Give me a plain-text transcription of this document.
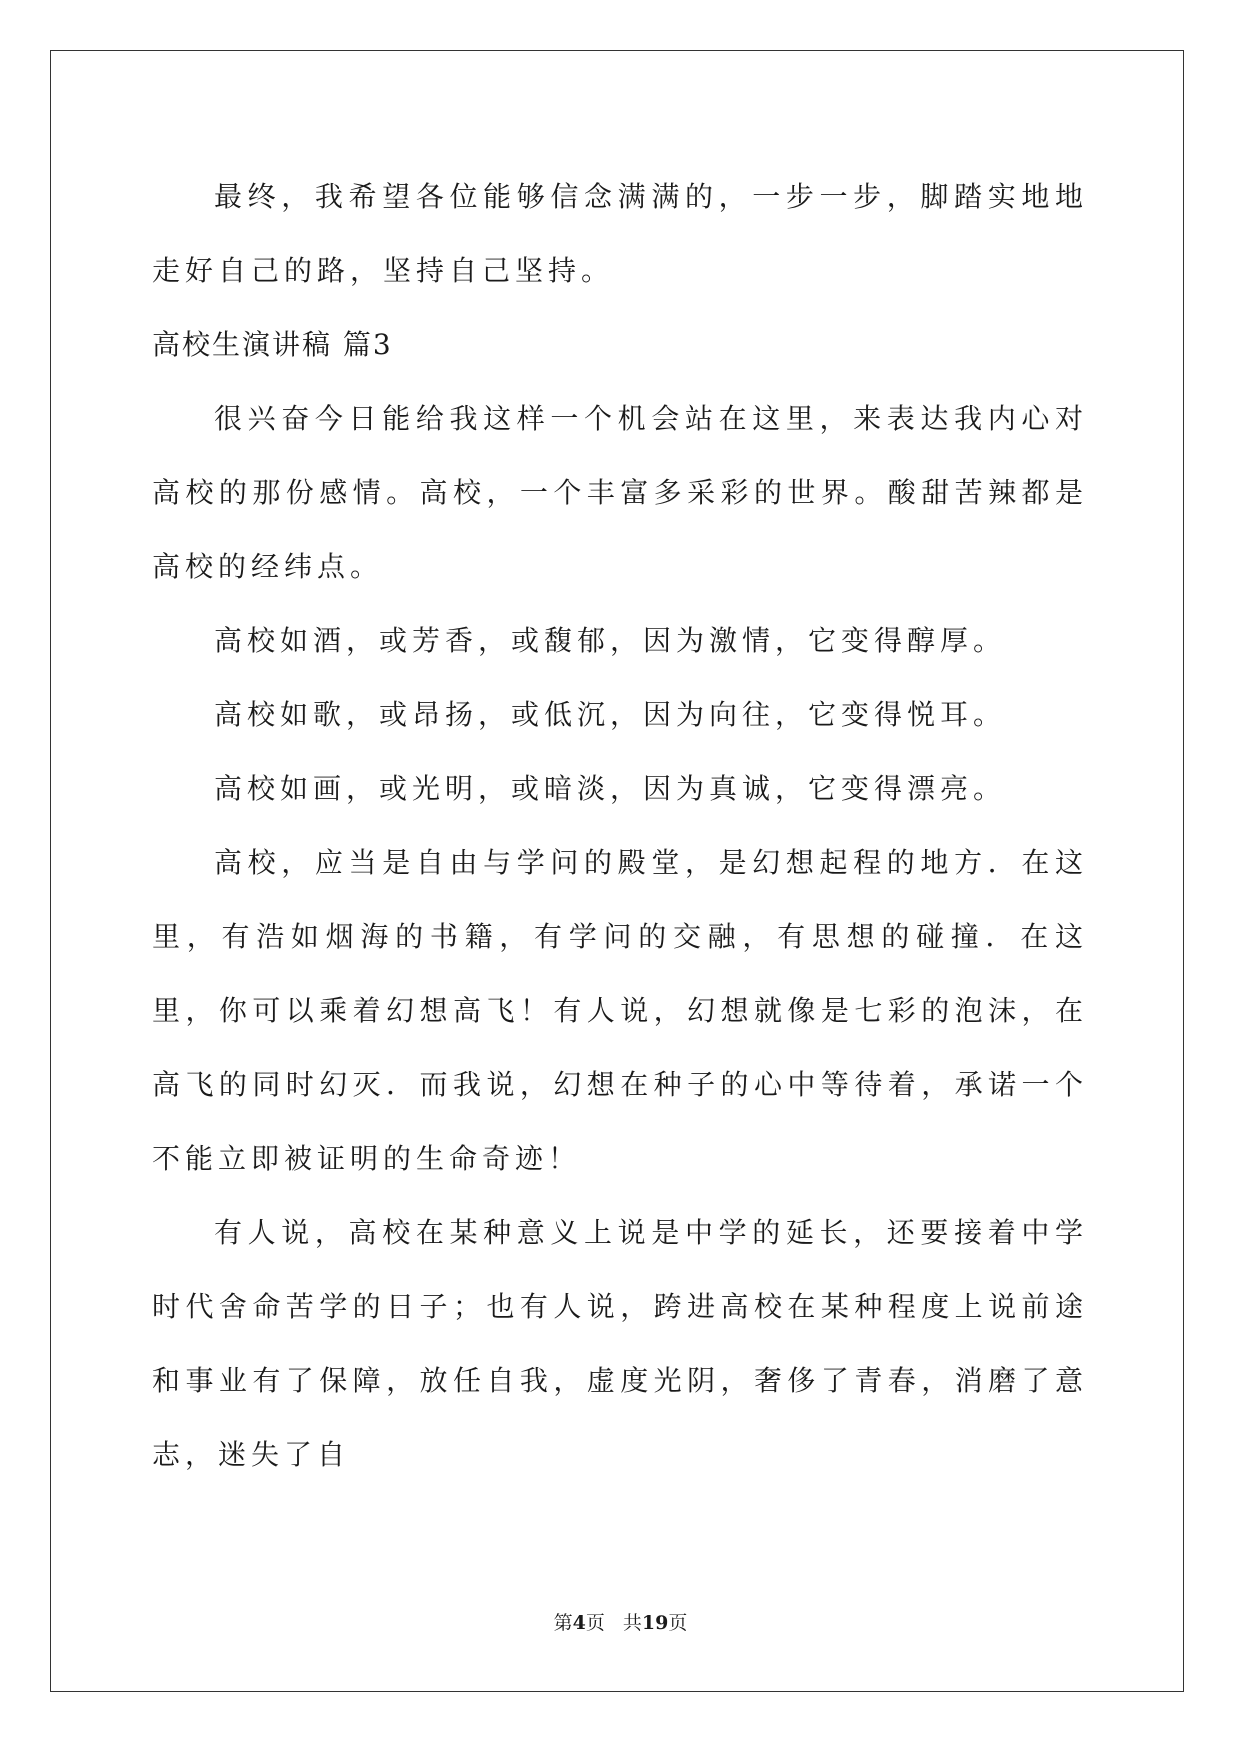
最终，我希望各位能够信念满满的，一步一步，脚踏实地地走好自己的路，坚持自己坚持。

高校生演讲稿 篇3

很兴奋今日能给我这样一个机会站在这里，来表达我内心对高校的那份感情。高校，一个丰富多采彩的世界。酸甜苦辣都是高校的经纬点。

高校如酒，或芳香，或馥郁，因为激情，它变得醇厚。

高校如歌，或昂扬，或低沉，因为向往，它变得悦耳。

高校如画，或光明，或暗淡，因为真诚，它变得漂亮。

高校，应当是自由与学问的殿堂，是幻想起程的地方．在这里，有浩如烟海的书籍，有学问的交融，有思想的碰撞．在这里，你可以乘着幻想高飞！有人说，幻想就像是七彩的泡沫，在高飞的同时幻灭．而我说，幻想在种子的心中等待着，承诺一个不能立即被证明的生命奇迹！

有人说，高校在某种意义上说是中学的延长，还要接着中学时代舍命苦学的日子；也有人说，跨进高校在某种程度上说前途和事业有了保障，放任自我，虚度光阴，奢侈了青春，消磨了意志，迷失了自

第4页 共19页
